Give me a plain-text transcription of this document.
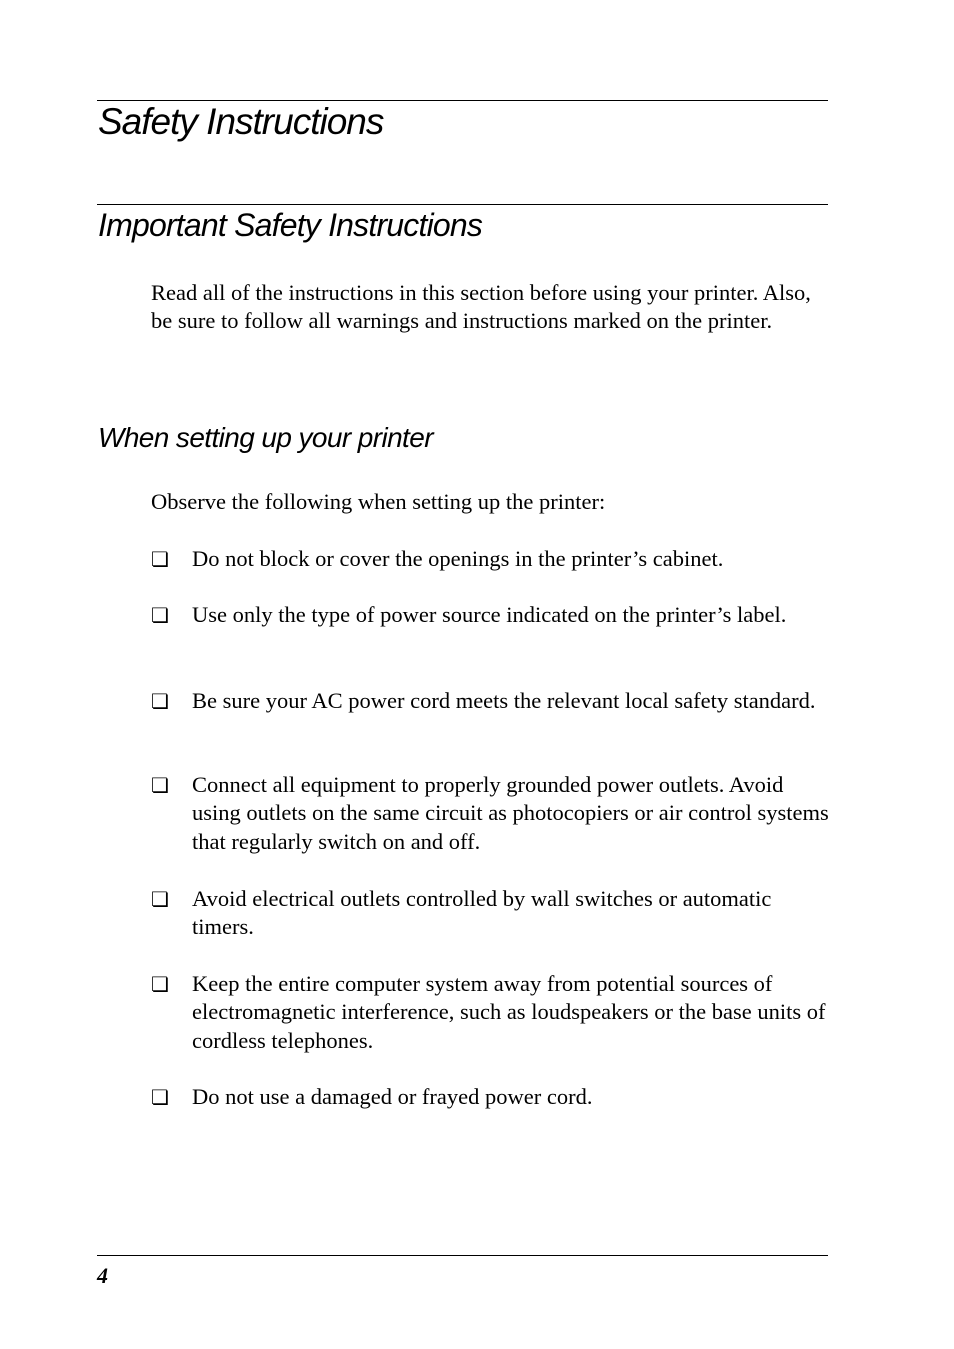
Safety Instructions
Important Safety Instructions

Read all of the instructions in this section before using your printer. Also, be sure to follow all warnings and instructions marked on the printer.

When setting up your printer

Observe the following when setting up the printer:

❏	Do not block or cover the openings in the printer’s cabinet.
❏	Use only the type of power source indicated on the printer’s label.
❏	Be sure your AC power cord meets the relevant local safety standard.
❏	Connect all equipment to properly grounded power outlets. Avoid using outlets on the same circuit as photocopiers or air control systems that regularly switch on and off.
❏	Avoid electrical outlets controlled by wall switches or automatic timers.
❏	Keep the entire computer system away from potential sources of electromagnetic interference, such as loudspeakers or the base units of cordless telephones.
❏	Do not use a damaged or frayed power cord.
4
